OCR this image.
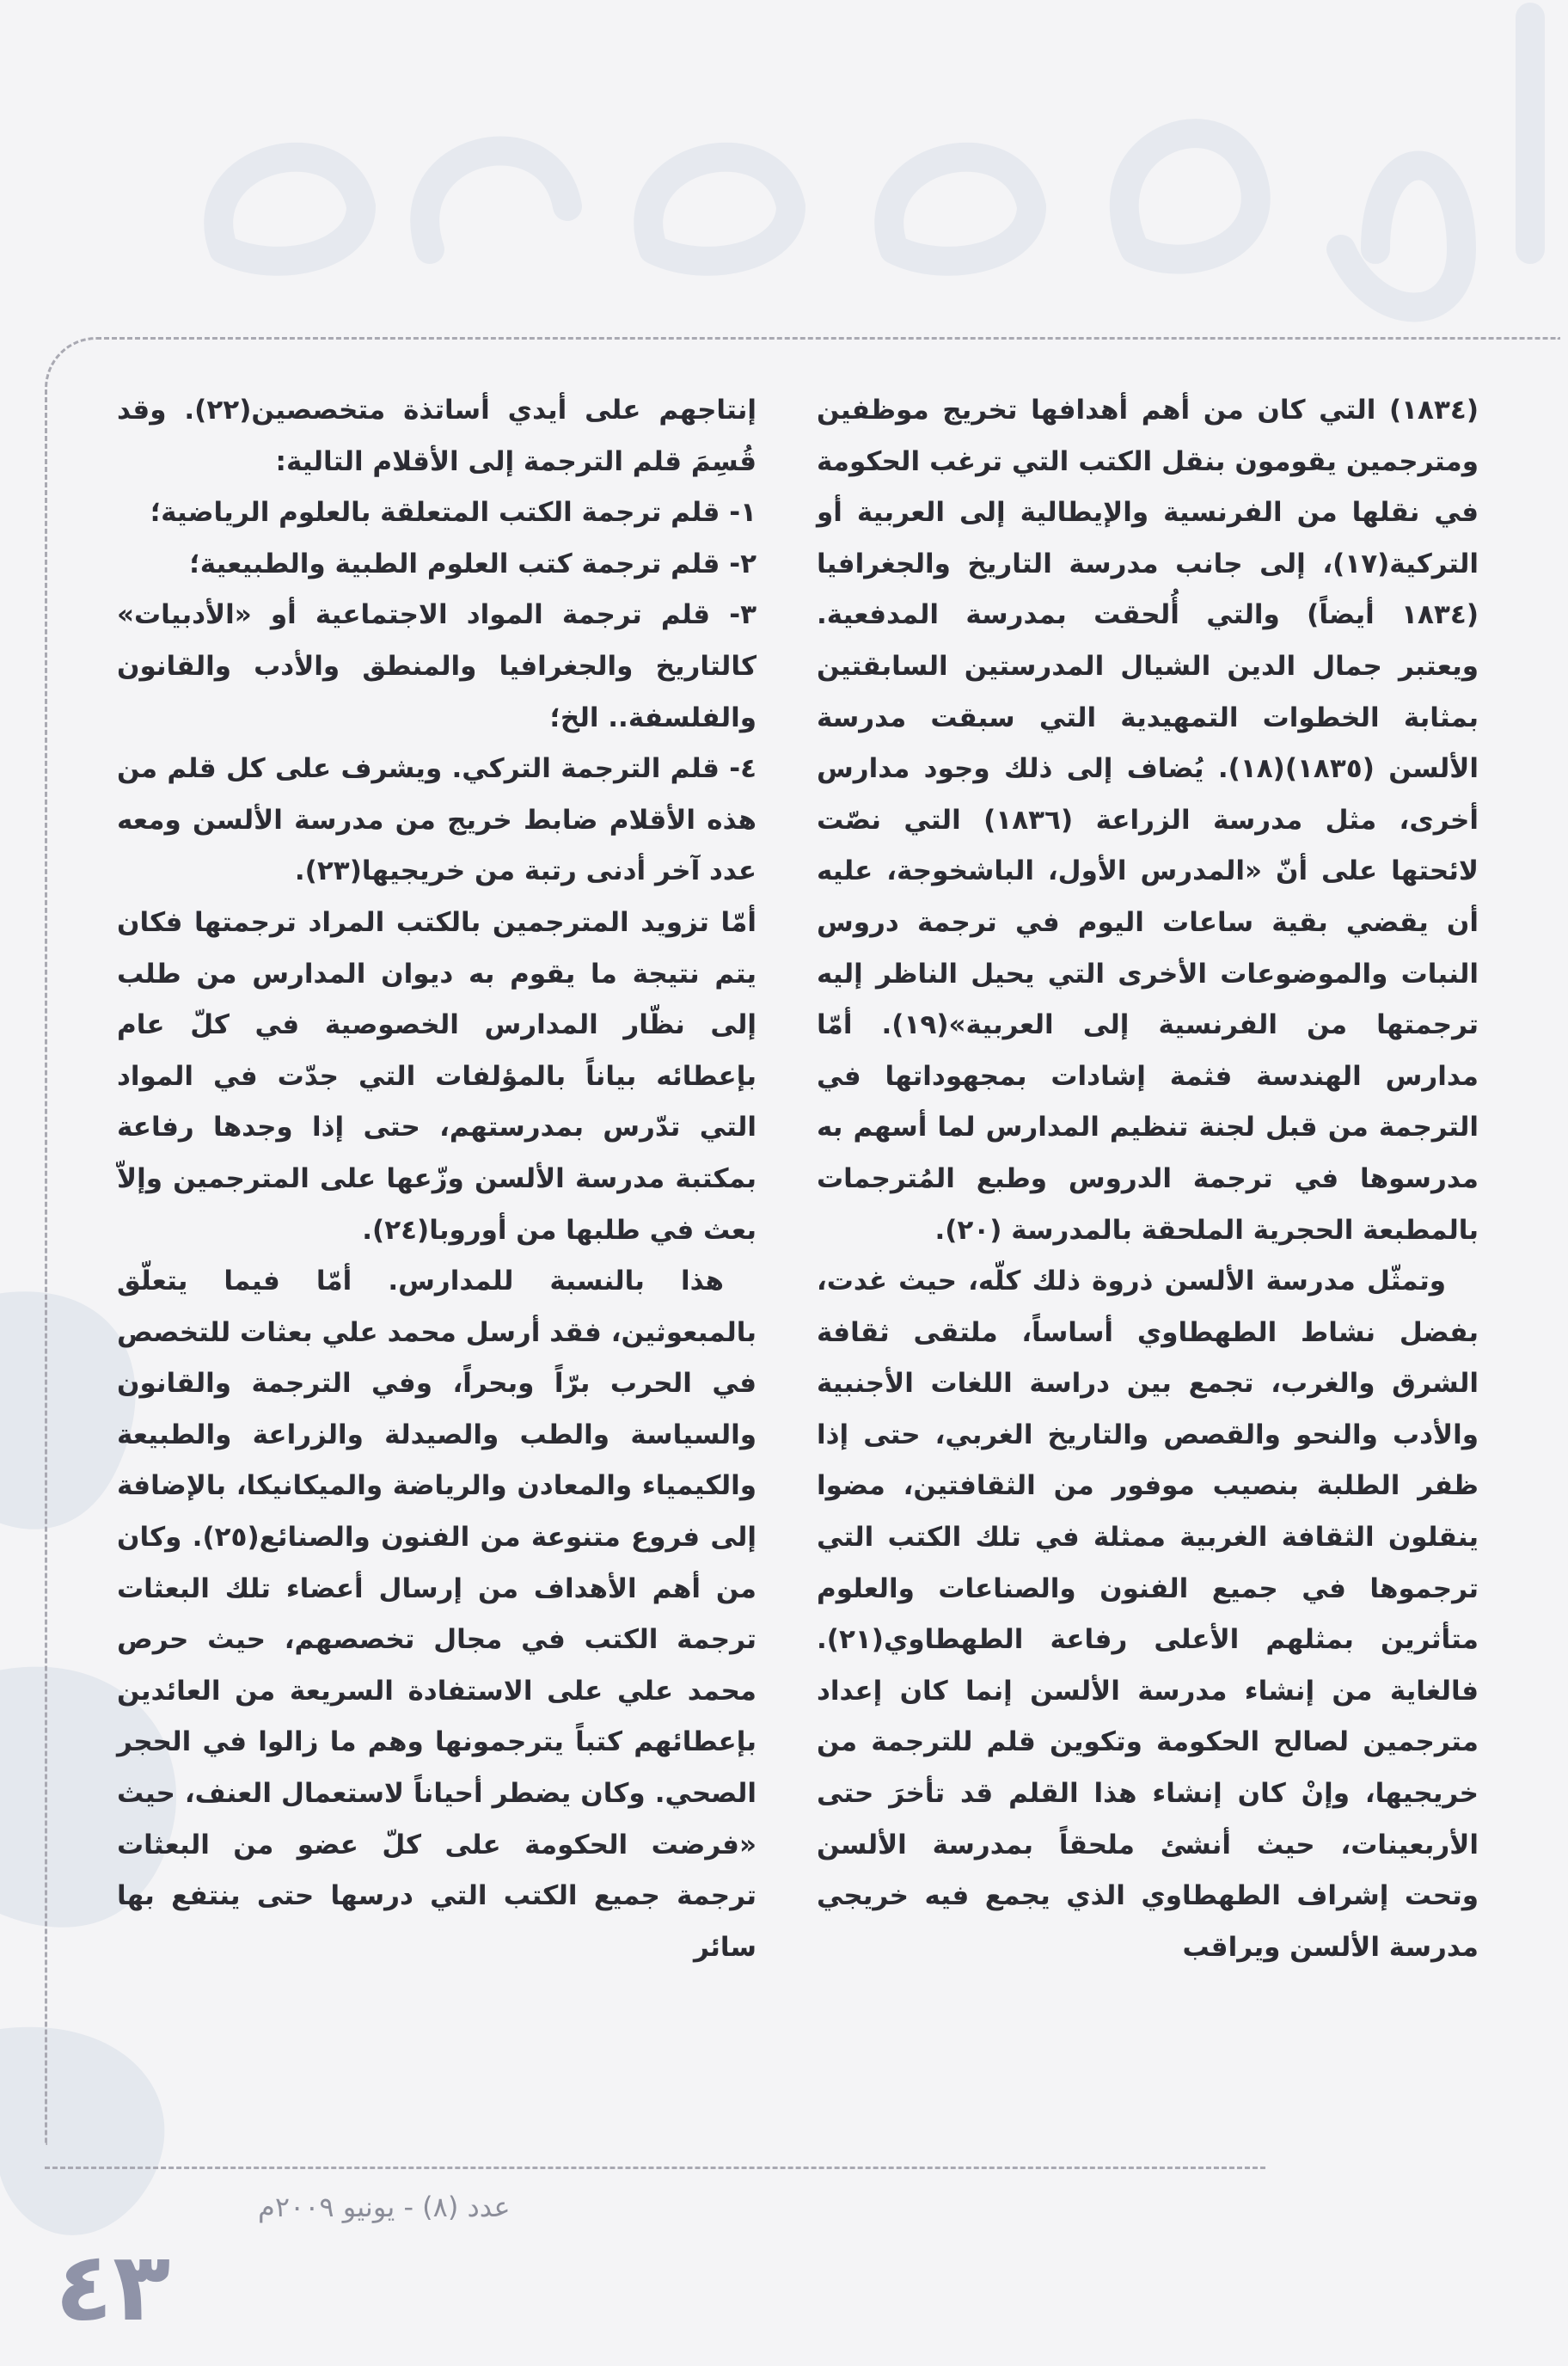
(١٨٣٤) التي كان من أهم أهدافها تخريج موظفين ومترجمين يقومون بنقل الكتب التي ترغب الحكومة في نقلها من الفرنسية والإيطالية إلى العربية أو التركية(١٧)، إلى جانب مدرسة التاريخ والجغرافيا (١٨٣٤ أيضاً) والتي أُلحقت بمدرسة المدفعية. ويعتبر جمال الدين الشيال المدرستين السابقتين بمثابة الخطوات التمهيدية التي سبقت مدرسة الألسن (١٨٣٥)(١٨). يُضاف إلى ذلك وجود مدارس أخرى، مثل مدرسة الزراعة (١٨٣٦) التي نصّت لائحتها على أنّ «المدرس الأول، الباشخوجة، عليه أن يقضي بقية ساعات اليوم في ترجمة دروس النبات والموضوعات الأخرى التي يحيل الناظر إليه ترجمتها من الفرنسية إلى العربية»(١٩). أمّا مدارس الهندسة فثمة إشادات بمجهوداتها في الترجمة من قبل لجنة تنظيم المدارس لما أسهم به مدرسوها في ترجمة الدروس وطبع المُترجمات بالمطبعة الحجرية الملحقة بالمدرسة (٢٠).

وتمثّل مدرسة الألسن ذروة ذلك كلّه، حيث غدت، بفضل نشاط الطهطاوي أساساً، ملتقى ثقافة الشرق والغرب، تجمع بين دراسة اللغات الأجنبية والأدب والنحو والقصص والتاريخ الغربي، حتى إذا ظفر الطلبة بنصيب موفور من الثقافتين، مضوا ينقلون الثقافة الغربية ممثلة في تلك الكتب التي ترجموها في جميع الفنون والصناعات والعلوم متأثرين بمثلهم الأعلى رفاعة الطهطاوي(٢١). فالغاية من إنشاء مدرسة الألسن إنما كان إعداد مترجمين لصالح الحكومة وتكوين قلم للترجمة من خريجيها، وإنْ كان إنشاء هذا القلم قد تأخرَ حتى الأربعينات، حيث أنشئ ملحقاً بمدرسة الألسن وتحت إشراف الطهطاوي الذي يجمع فيه خريجي مدرسة الألسن ويراقب

إنتاجهم على أيدي أساتذة متخصصين(٢٢). وقد قُسِمَ قلم الترجمة إلى الأقلام التالية:

١- قلم ترجمة الكتب المتعلقة بالعلوم الرياضية؛

٢- قلم ترجمة كتب العلوم الطبية والطبيعية؛

٣- قلم ترجمة المواد الاجتماعية أو «الأدبيات» كالتاريخ والجغرافيا والمنطق والأدب والقانون والفلسفة.. الخ؛

٤- قلم الترجمة التركي. ويشرف على كل قلم من هذه الأقلام ضابط خريج من مدرسة الألسن ومعه عدد آخر أدنى رتبة من خريجيها(٢٣).

أمّا تزويد المترجمين بالكتب المراد ترجمتها فكان يتم نتيجة ما يقوم به ديوان المدارس من طلب إلى نظّار المدارس الخصوصية في كلّ عام بإعطائه بياناً بالمؤلفات التي جدّت في المواد التي تدّرس بمدرستهم، حتى إذا وجدها رفاعة بمكتبة مدرسة الألسن وزّعها على المترجمين وإلاّ بعث في طلبها من أوروبا(٢٤).

هذا بالنسبة للمدارس. أمّا فيما يتعلّق بالمبعوثين، فقد أرسل محمد علي بعثات للتخصص في الحرب برّاً وبحراً، وفي الترجمة والقانون والسياسة والطب والصيدلة والزراعة والطبيعة والكيمياء والمعادن والرياضة والميكانيكا، بالإضافة إلى فروع متنوعة من الفنون والصنائع(٢٥). وكان من أهم الأهداف من إرسال أعضاء تلك البعثات ترجمة الكتب في مجال تخصصهم، حيث حرص محمد علي على الاستفادة السريعة من العائدين بإعطائهم كتباً يترجمونها وهم ما زالوا في الحجر الصحي. وكان يضطر أحياناً لاستعمال العنف، حيث «فرضت الحكومة على كلّ عضو من البعثات ترجمة جميع الكتب التي درسها حتى ينتفع بها سائر

عدد (٨) - يونيو ٢٠٠٩م
٤٣
